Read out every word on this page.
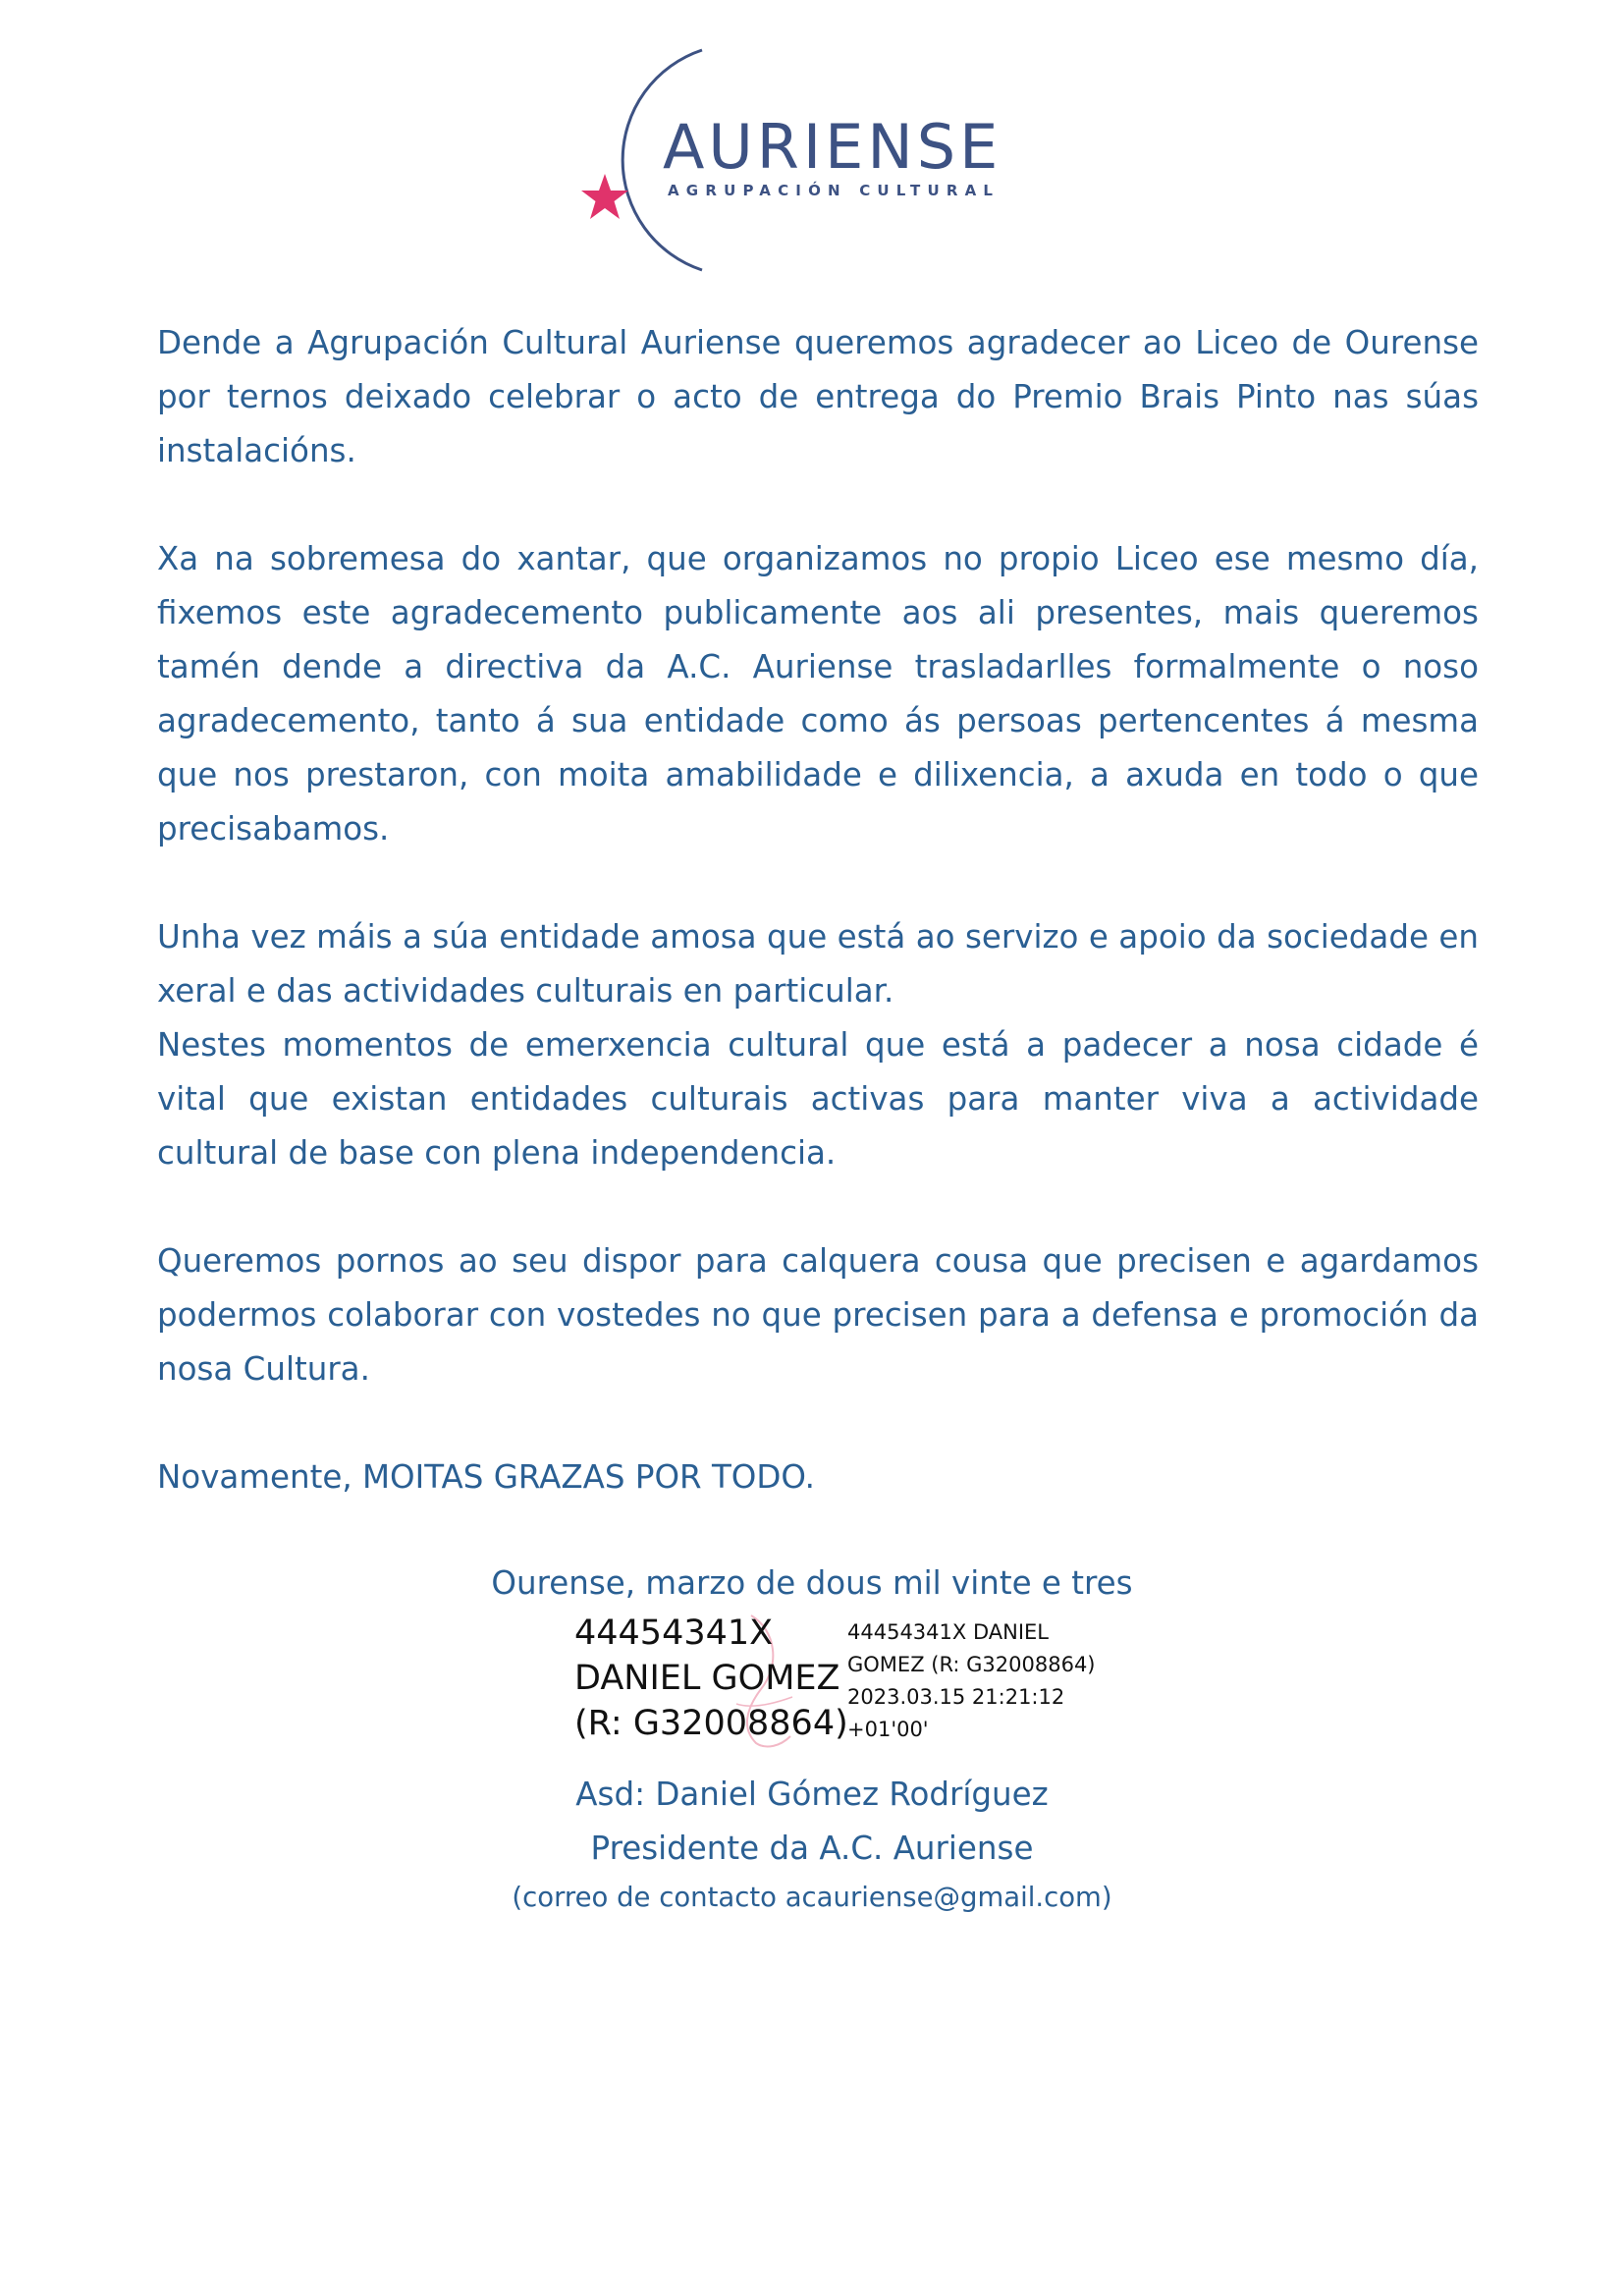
AURIENSE
AGRUPACIÓN CULTURAL

Dende a Agrupación Cultural Auriense queremos agradecer ao Liceo de Ourense por ternos deixado celebrar o acto de entrega do Premio Brais Pinto nas súas instalacións.

Xa na sobremesa do xantar, que organizamos no propio Liceo ese mesmo día, fixemos este agradecemento publicamente aos ali presentes, mais queremos tamén dende a directiva da A.C. Auriense trasladarlles formalmente o noso agradecemento, tanto á sua entidade como ás persoas pertencentes á mesma que nos prestaron, con moita amabilidade e dilixencia, a axuda en todo o que precisabamos.

Unha vez máis a súa entidade amosa que está ao servizo e apoio da sociedade en xeral e das actividades culturais en particular.

Nestes momentos de emerxencia cultural que está a padecer a nosa cidade é vital que existan entidades culturais activas para manter viva a actividade cultural de base con plena independencia.

Queremos pornos ao seu dispor para calquera cousa que precisen e agardamos podermos colaborar con vostedes no que precisen para a defensa e promoción da nosa Cultura.

Novamente, MOITAS GRAZAS POR TODO.

Ourense, marzo de dous mil vinte e tres
44454341X
DANIEL GOMEZ
(R: G32008864)
44454341X DANIEL
GOMEZ (R: G32008864)
2023.03.15 21:21:12
+01'00'
Asd: Daniel Gómez Rodríguez
Presidente da A.C. Auriense
(correo de contacto acauriense@gmail.com)
